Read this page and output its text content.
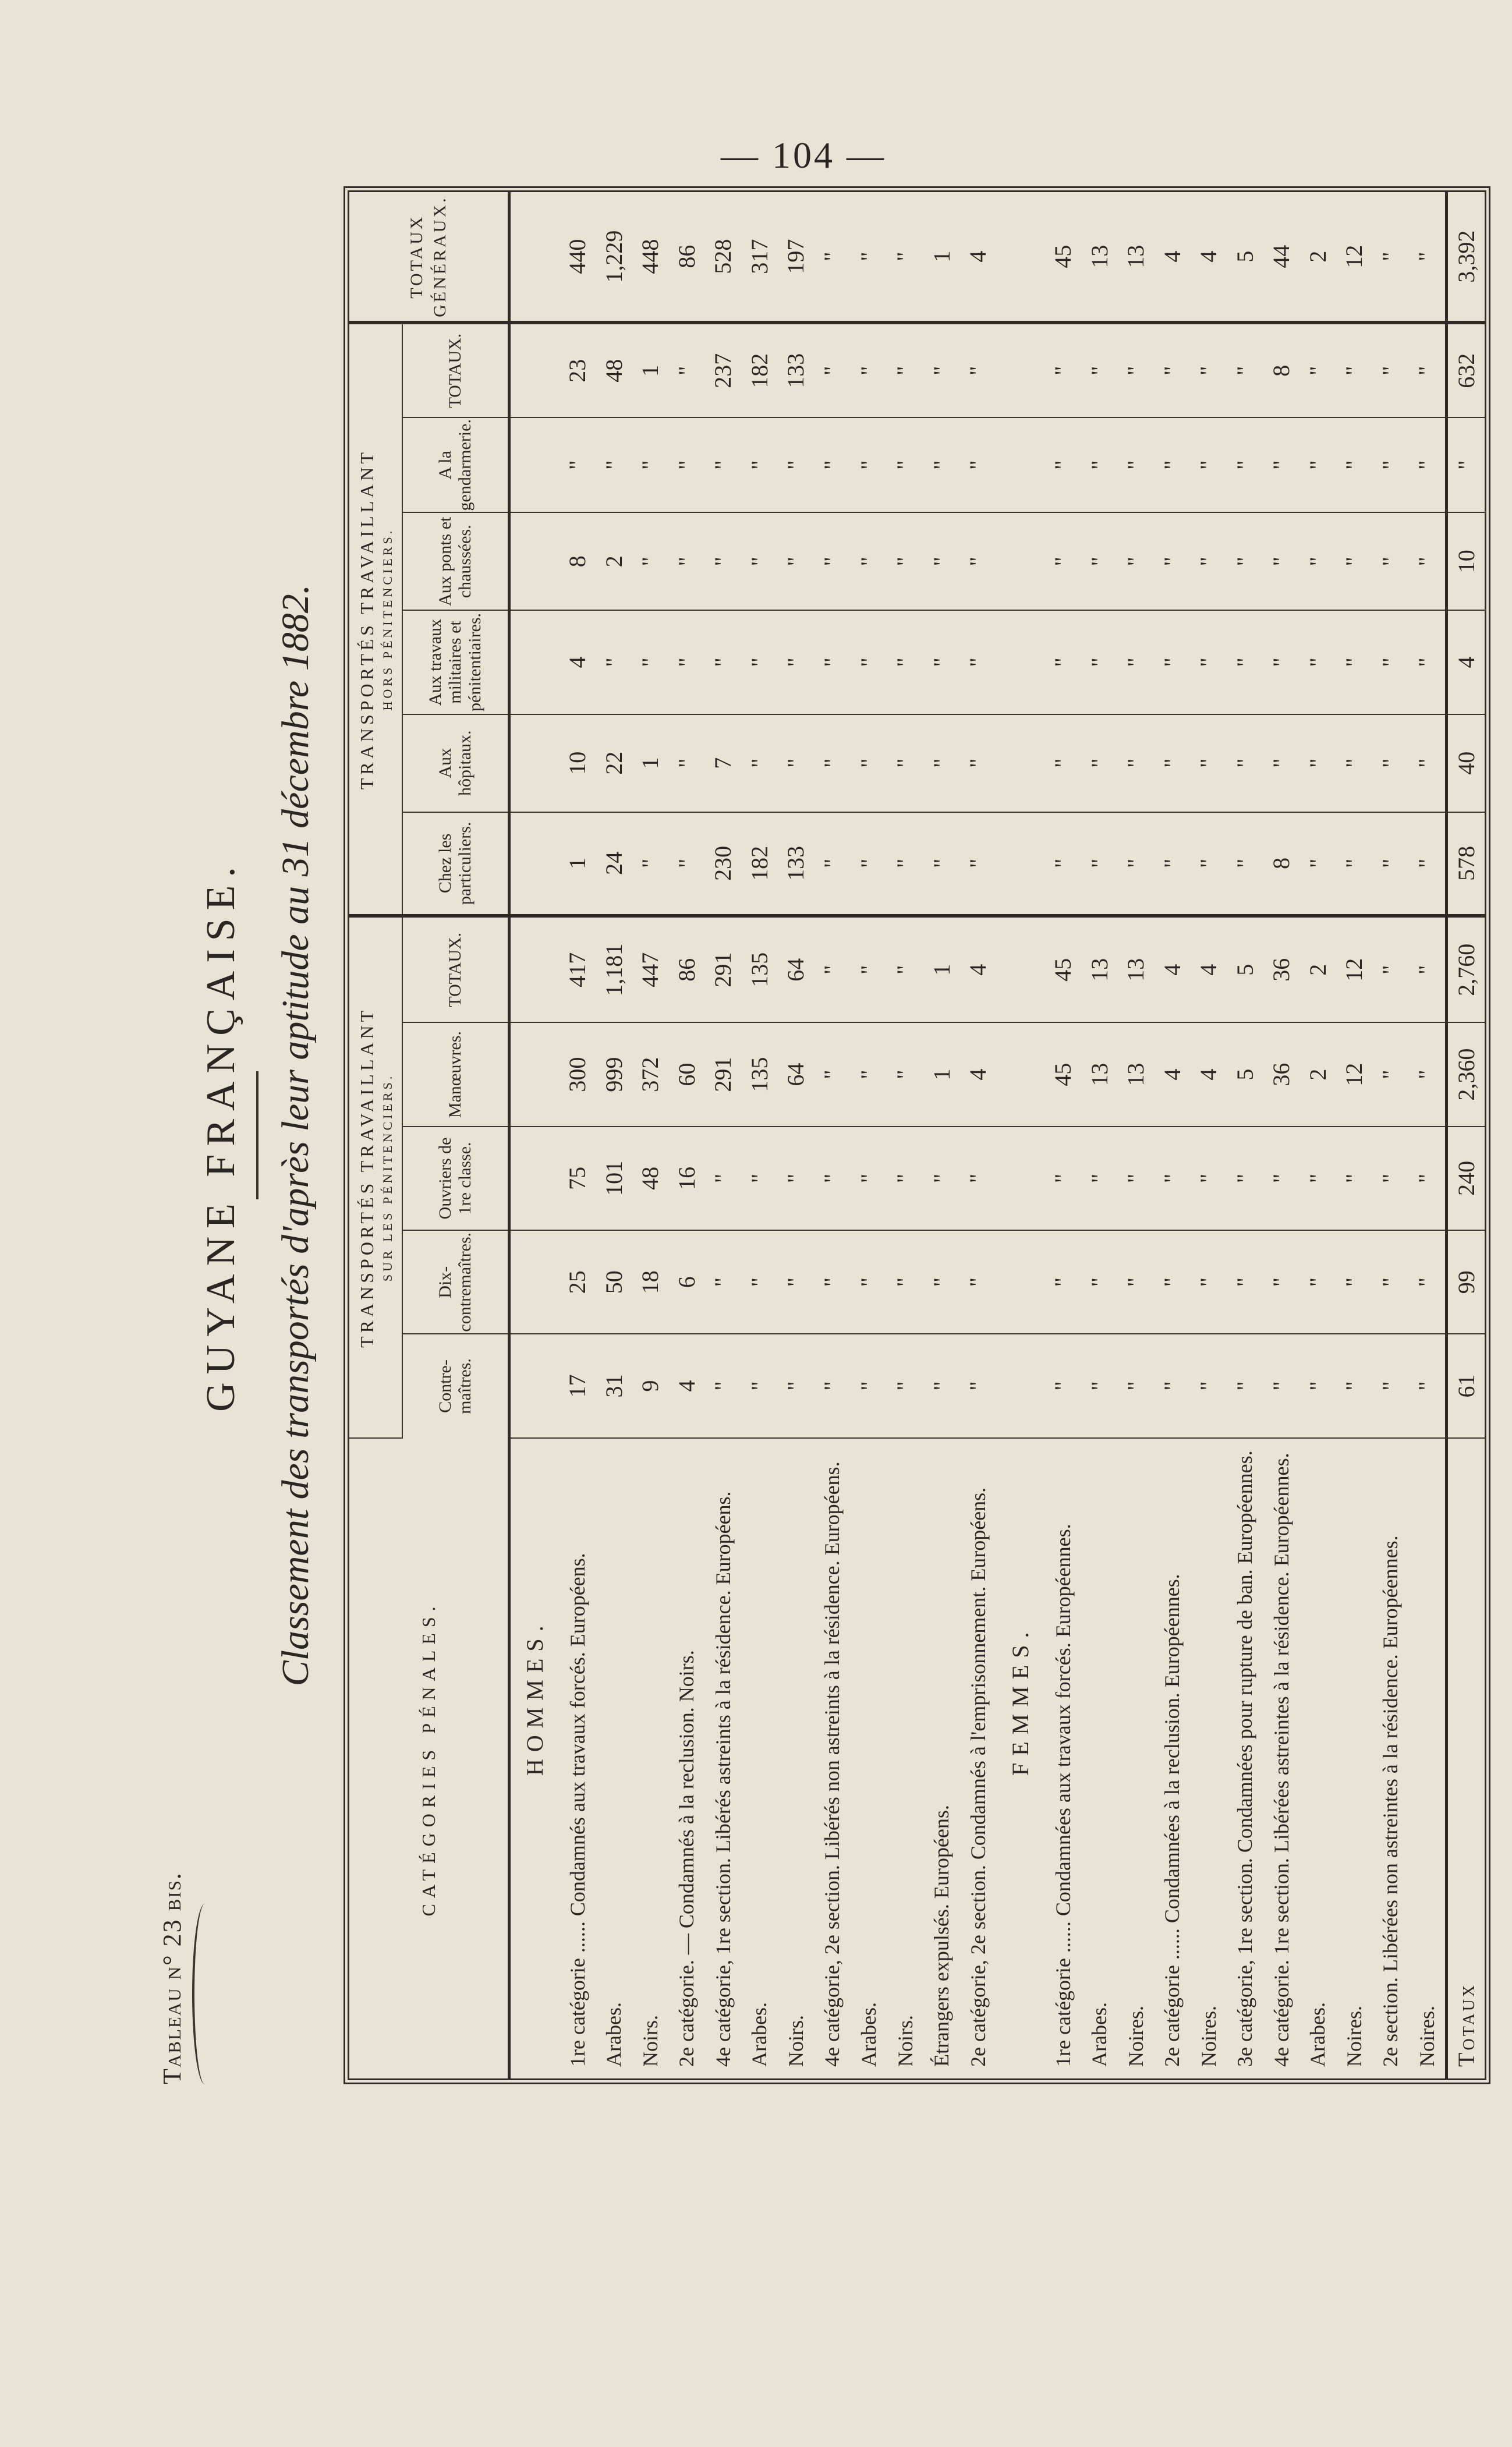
— 104 —
Tableau n° 23 bis.
GUYANE FRANÇAISE. Classement des transportés d'après leur aptitude au 31 décembre 1882.
CATÉGORIES PÉNALES.	TRANSPORTÉS TRAVAILLANT SUR LES PÉNITENCIERS.					TRANSPORTÉS TRAVAILLANT HORS PÉNITENCIERS.						TOTAUX GÉNÉRAUX.
	Contre-maîtres.	Dix-contremaîtres.	Ouvriers de 1re classe.	Manœuvres.	TOTAUX.	Chez les particuliers.	Aux hôpitaux.	Aux travaux militaires et pénitentiaires.	Aux ponts et chaussées.	A la gendarmerie.	TOTAUX.	
HOMMES.												
1re catégorie ...... Condamnés aux travaux forcés. Européens.	17	25	75	300	417	1	10	4	8	"	23	440
Arabes.	31	50	101	999	1,181	24	22	"	2	"	48	1,229
Noirs.	9	18	48	372	447	"	1	"	"	"	1	448
2e catégorie. — Condamnés à la reclusion. Noirs.	4	6	16	60	86	"	"	"	"	"	"	86
4e catégorie, 1re section. Libérés astreints à la résidence. Européens.	"	"	"	291	291	230	7	"	"	"	237	528
Arabes.	"	"	"	135	135	182	"	"	"	"	182	317
Noirs.	"	"	"	64	64	133	"	"	"	"	133	197
4e catégorie, 2e section. Libérés non astreints à la résidence. Européens.	"	"	"	"	"	"	"	"	"	"	"	"
Arabes.	"	"	"	"	"	"	"	"	"	"	"	"
Noirs.	"	"	"	"	"	"	"	"	"	"	"	"
Étrangers expulsés. Européens.	"	"	"	1	1	"	"	"	"	"	"	1
2e catégorie, 2e section. Condamnés à l'emprisonnement. Européens.	"	"	"	4	4	"	"	"	"	"	"	4
FEMMES.												
1re catégorie ...... Condamnées aux travaux forcés. Européennes.	"	"	"	45	45	"	"	"	"	"	"	45
Arabes.	"	"	"	13	13	"	"	"	"	"	"	13
Noires.	"	"	"	13	13	"	"	"	"	"	"	13
2e catégorie ...... Condamnées à la reclusion. Européennes.	"	"	"	4	4	"	"	"	"	"	"	4
Noires.	"	"	"	4	4	"	"	"	"	"	"	4
3e catégorie, 1re section. Condamnées pour rupture de ban. Européennes.	"	"	"	5	5	"	"	"	"	"	"	5
4e catégorie. 1re section. Libérées astreintes à la résidence. Européennes.	"	"	"	36	36	8	"	"	"	"	8	44
Arabes.	"	"	"	2	2	"	"	"	"	"	"	2
Noires.	"	"	"	12	12	"	"	"	"	"	"	12
2e section. Libérées non astreintes à la résidence. Européennes.	"	"	"	"	"	"	"	"	"	"	"	"
Noires.	"	"	"	"	"	"	"	"	"	"	"	"
Totaux	61	99	240	2,360	2,760	578	40	4	10	"	632	3,392
